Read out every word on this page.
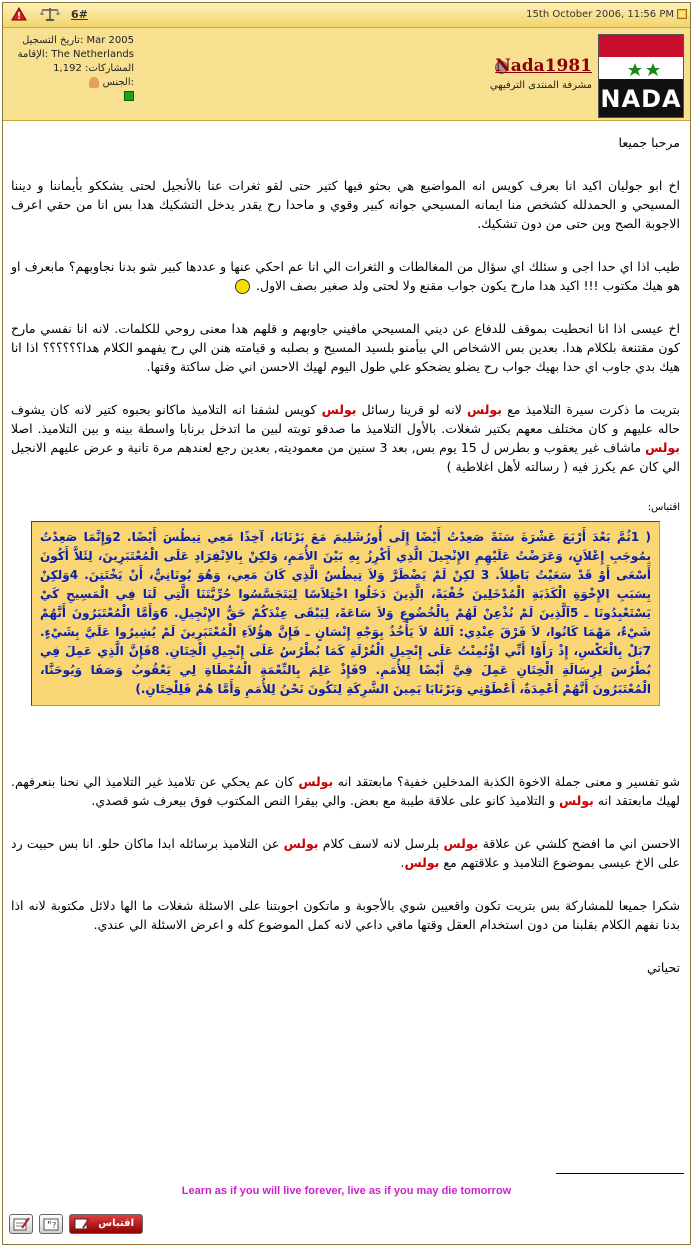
6#	15th October 2006, 11:56 PM
NADA
Nada1981
مشرفة المنتدى الترفيهي
تاريخ التسجيل: Mar 2005
الإقامة: The Netherlands
المشاركات: 1,192
الجنس:

مرحبا جميعا

اخ ابو جوليان اكيد انا بعرف كويس انه المواضيع هي بحثو فيها كتير حتى لقو ثغرات عنا بالأنجيل لحتى يشككو بأيماننا و ديننا المسيحي و الحمدلله كشخص منا ايمانه المسيحي جوانه كبير وقوي و ماحدا رح يقدر يدخل التشكيك هدا بس انا من حقي اعرف الاجوبة الصح وين حتى من دون تشكيك.

طيب اذا اي حدا اجى و سئلك اي سؤال من المغالطات و الثغرات الي انا عم احكي عنها و عددها كبير شو بدنا نجاوبهم؟ مابعرف او هو هيك مكتوب !!! اكيد هدا مارح يكون جواب مقنع ولا لحتى ولد صغير بصف الاول.

اخ عيسى اذا انا انحطيت بموقف للدفاع عن ديني المسيحي مافيني جاوبهم و قلهم هدا معنى روحي للكلمات. لانه انا نفسي مارح كون مقتنعة بلكلام هدا. بعدين بس الاشخاص الي بيأمنو بلسيد المسيح و بصلبه و قيامته هنن الي رح يفهمو الكلام هدا؟؟؟؟؟؟ اذا انا هيك بدي جاوب اي حدا بهيك جواب رح يضلو يضحكو علي طول اليوم لهيك الاحسن اني ضل ساكتة وقتها.

بتريت ما ذكرت سيرة التلاميذ مع بولس لانه لو قرينا رسائل بولس كويس لشفنا انه التلاميذ ماكانو بحبوه كتير لانه كان يشوف حاله عليهم و كان مختلف معهم بكتير شغلات. بالأول التلاميذ ما صدقو توبته لبين ما اتدخل برنابا واسطة بينه و بين التلاميذ. اصلا بولس ماشاف غير يعقوب و بطرس ل 15 يوم بس, بعد 3 سنين من معموديته, بعدين رجع لعندهم مرة تانية و عرض عليهم الانجيل الي كان عم يكرز فيه ( رسالته لأهل اغلاطية )

اقتباس:

( 1ثُمَّ بَعْدَ أَرْبَعَ عَشْرَةَ سَنَةً صَعِدْتُ أَيْضًا إِلَى أُورُشَلِيمَ مَعَ بَرْنَابَا، آخِذًا مَعِي تِيطُسَ أَيْضًا. 2وَإِنَّمَا صَعِدْتُ بِمُوجَبِ إِعْلاَنٍ، وَعَرَضْتُ عَلَيْهِمِ الإِنْجِيلَ الَّذِي أَكْرِزُ بِهِ بَيْنَ الأُمَمِ، وَلكِنْ بِالاِنْفِرَادِ عَلَى الْمُعْتَبَرِينَ، لِئَلاَّ أَكُونَ أَسْعَى أَوْ قَدْ سَعَيْتُ بَاطِلاً. 3 لكِنْ لَمْ يَضْطَرَّ وَلاَ تِيطُسُ الَّذِي كَانَ مَعِي، وَهُوَ يُونَانِيٌّ، أَنْ يَخْتَتِنَ. 4وَلكِنْ بِسَبَبِ الإِخْوَةِ الْكَذَبَةِ الْمُدْخَلِينَ خُفْيَةً، الَّذِينَ دَخَلُوا اخْتِلاَسًا لِيَتَجَسَّسُوا حُرِّيَّتَنَا الَّتِي لَنَا فِي الْمَسِيحِ كَيْ يَسْتَعْبِدُونَا ـ 5اَلَّذِينَ لَمْ نُذْعِنْ لَهُمْ بِالْخُضُوعِ وَلاَ سَاعَةً، لِيَبْقَى عِنْدَكُمْ حَقُّ الإِنْجِيلِ. 6وَأَمَّا الْمُعْتَبَرُونَ أَنَّهُمْ شَيْءٌ، مَهْمَا كَانُوا، لاَ فَرْقَ عِنْدِي: اَللهُ لاَ يَأْخُذُ بِوَجْهِ إِنْسَانٍ ـ فَإِنَّ هؤُلاَءِ الْمُعْتَبَرِينَ لَمْ يُشِيرُوا عَلَيَّ بِشَيْءٍ. 7بَلْ بِالْعَكْسِ، إِذْ رَأَوْا أَنِّي اؤْتُمِنْتُ عَلَى إِنْجِيلِ الْغُرْلَةِ كَمَا بُطْرُسُ عَلَى إِنْجِيلِ الْخِتَانِ. 8فَإِنَّ الَّذِي عَمِلَ فِي بُطْرُسَ لِرِسَالَةِ الْخِتَانِ عَمِلَ فِيَّ أَيْضًا لِلأُمَمِ. 9فَإِذْ عَلِمَ بِالنِّعْمَةِ الْمُعْطَاةِ لِي يَعْقُوبُ وَصَفَا وَيُوحَنَّا، الْمُعْتَبَرُونَ أَنَّهُمْ أَعْمِدَةٌ، أَعْطَوْنِي وَبَرْنَابَا يَمِينَ الشَّرِكَةِ لِنَكُونَ نَحْنُ لِلأُمَمِ وَأَمَّا هُمْ فَلِلْخِتَانِ.)

شو تفسير و معنى جملة الاخوة الكذبة المدخلين خفية؟ مابعتقد انه بولس كان عم يحكي عن تلاميذ غير التلاميذ الي نحنا بنعرفهم. لهيك مابعتقد انه بولس و التلاميذ كانو على علاقة طيبة مع بعض. والي بيقرا النص المكتوب فوق بيعرف شو قصدي.

الاحسن اني ما افضح كلشي عن علاقة بولس بلرسل لانه لاسف كلام بولس عن التلاميذ برسائله ابدا ماكان حلو. انا بس حبيت رد على الاخ عيسى بموضوع التلاميذ و علاقتهم مع بولس.

شكرا جميعا للمشاركة بس بتريت تكون واقعيين شوي بالأجوبة و ماتكون اجوبتنا على الاسئلة شغلات ما الها دلائل مكتوبة لانه اذا بدنا نفهم الكلام بقلبنا من دون استخدام العقل وقتها مافي داعي لانه كمل الموضوع كله و اعرض الاسئلة الي عندي.

تحياتي

Learn as if you will live forever, live as if you may die tomorrow
" ?	اقتباس
